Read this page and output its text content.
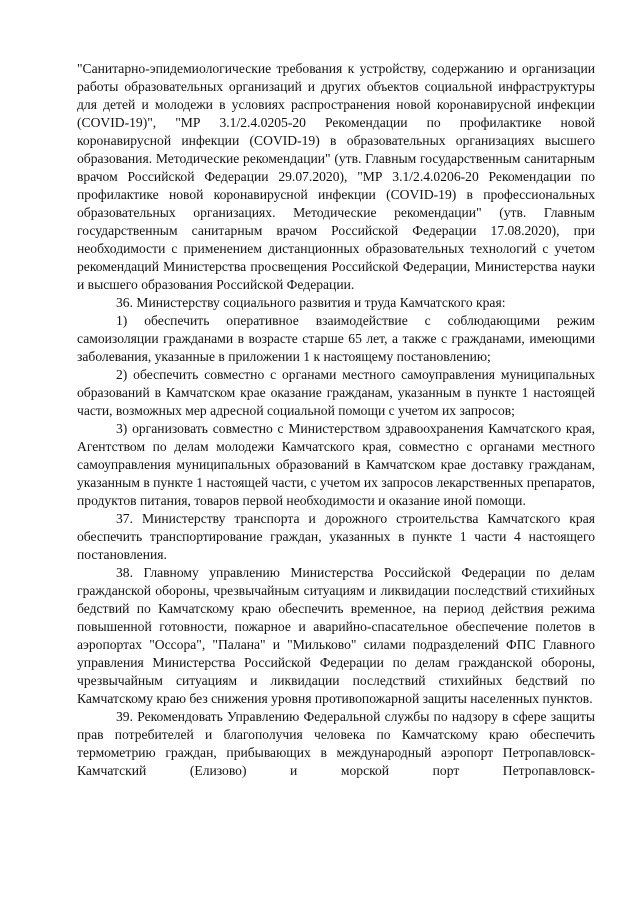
"Санитарно-эпидемиологические требования к устройству, содержанию и организации работы образовательных организаций и других объектов социальной инфраструктуры для детей и молодежи в условиях распространения новой коронавирусной инфекции (COVID-19)", "МР 3.1/2.4.0205-20 Рекомендации по профилактике новой коронавирусной инфекции (COVID-19) в образовательных организациях высшего образования. Методические рекомендации" (утв. Главным государственным санитарным врачом Российской Федерации 29.07.2020), "МР 3.1/2.4.0206-20 Рекомендации по профилактике новой коронавирусной инфекции (COVID-19) в профессиональных образовательных организациях. Методические рекомендации" (утв. Главным государственным санитарным врачом Российской Федерации 17.08.2020), при необходимости с применением дистанционных образовательных технологий с учетом рекомендаций Министерства просвещения Российской Федерации, Министерства науки и высшего образования Российской Федерации.

36. Министерству социального развития и труда Камчатского края:

1) обеспечить оперативное взаимодействие с соблюдающими режим самоизоляции гражданами в возрасте старше 65 лет, а также с гражданами, имеющими заболевания, указанные в приложении 1 к настоящему постановлению;

2) обеспечить совместно с органами местного самоуправления муниципальных образований в Камчатском крае оказание гражданам, указанным в пункте 1 настоящей части, возможных мер адресной социальной помощи с учетом их запросов;

3) организовать совместно с Министерством здравоохранения Камчатского края, Агентством по делам молодежи Камчатского края, совместно с органами местного самоуправления муниципальных образований в Камчатском крае доставку гражданам, указанным в пункте 1 настоящей части, с учетом их запросов лекарственных препаратов, продуктов питания, товаров первой необходимости и оказание иной помощи.

37. Министерству транспорта и дорожного строительства Камчатского края обеспечить транспортирование граждан, указанных в пункте 1 части 4 настоящего постановления.

38. Главному управлению Министерства Российской Федерации по делам гражданской обороны, чрезвычайным ситуациям и ликвидации последствий стихийных бедствий по Камчатскому краю обеспечить временное, на период действия режима повышенной готовности, пожарное и аварийно-спасательное обеспечение полетов в аэропортах "Оссора", "Палана" и "Мильково" силами подразделений ФПС Главного управления Министерства Российской Федерации по делам гражданской обороны, чрезвычайным ситуациям и ликвидации последствий стихийных бедствий по Камчатскому краю без снижения уровня противопожарной защиты населенных пунктов.

39. Рекомендовать Управлению Федеральной службы по надзору в сфере защиты прав потребителей и благополучия человека по Камчатскому краю обеспечить термометрию граждан, прибывающих в международный аэропорт Петропавловск-Камчатский (Елизово) и морской порт Петропавловск-
